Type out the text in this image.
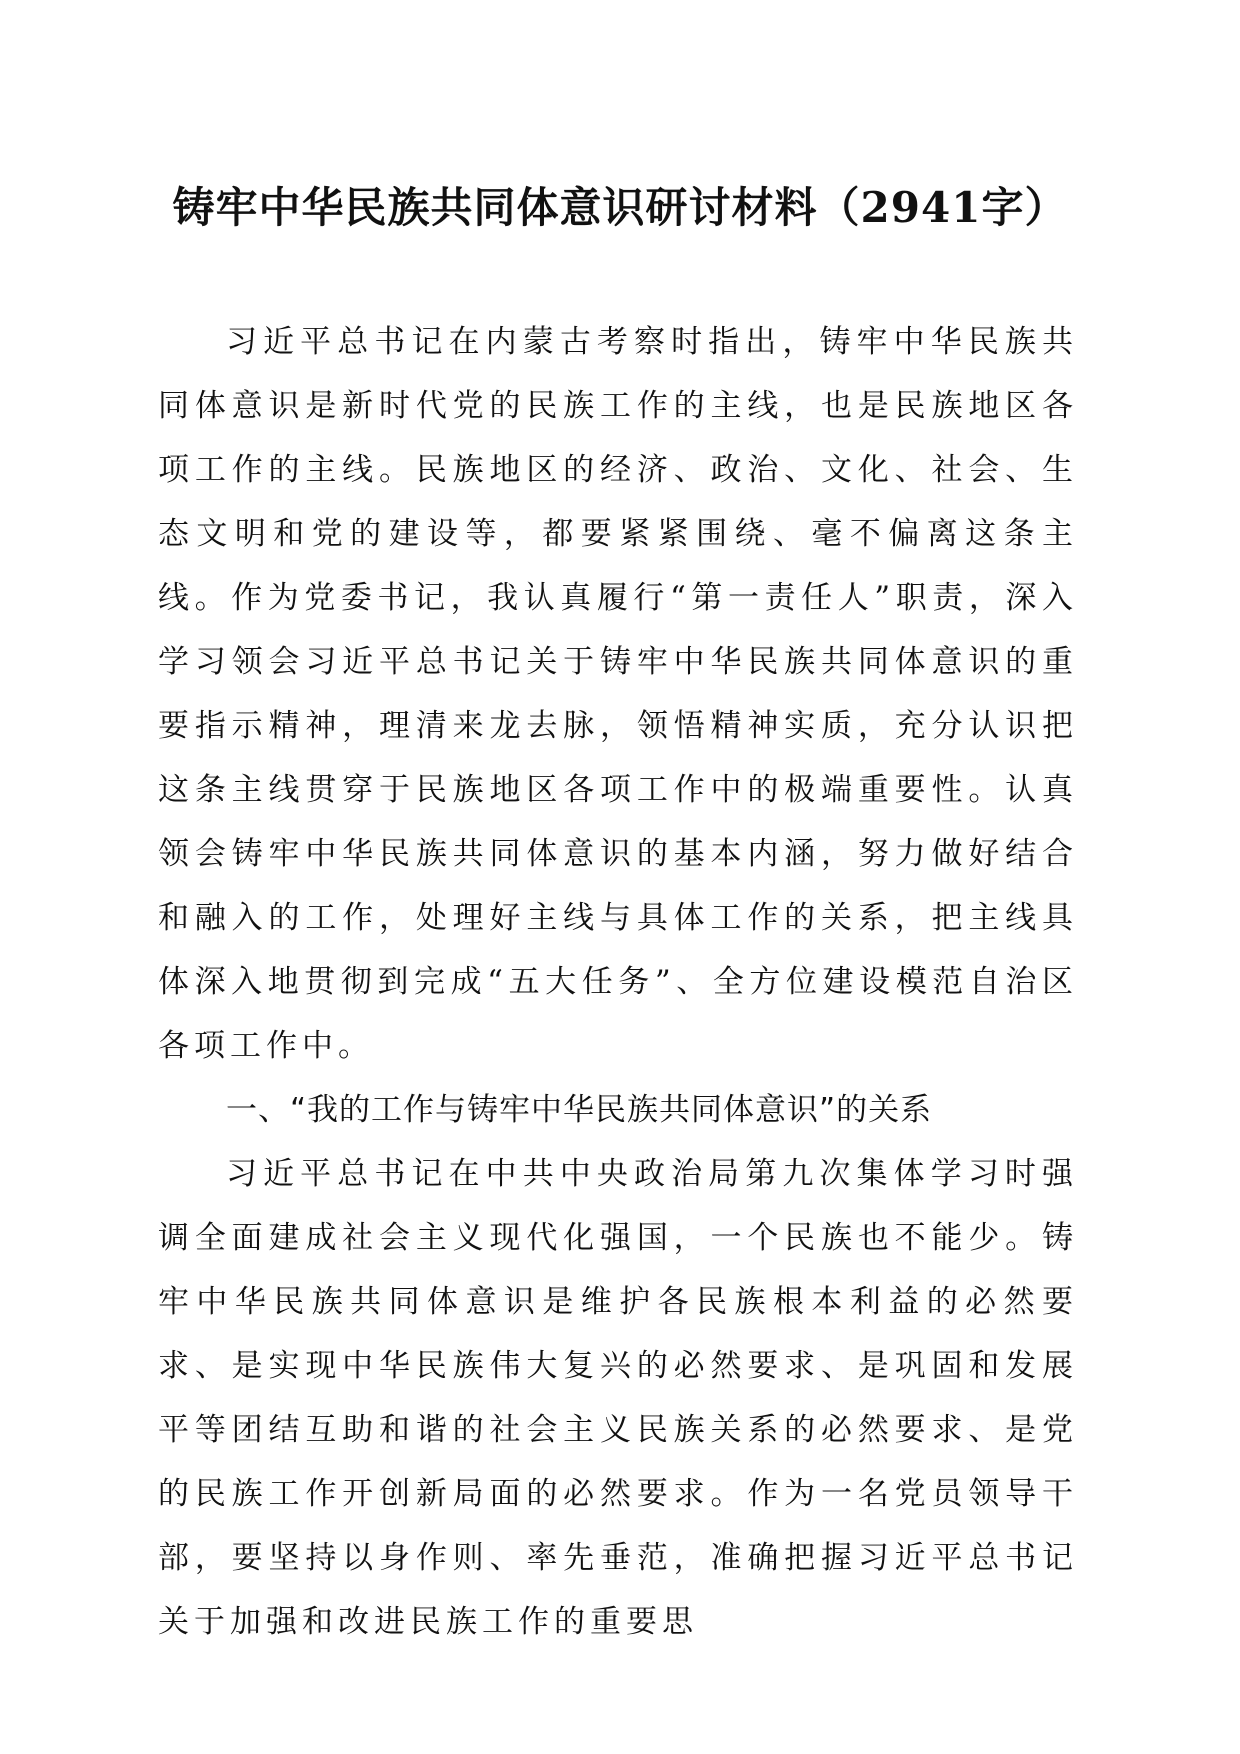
铸牢中华民族共同体意识研讨材料（2941字）

习近平总书记在内蒙古考察时指出，铸牢中华民族共同体意识是新时代党的民族工作的主线，也是民族地区各项工作的主线。民族地区的经济、政治、文化、社会、生态文明和党的建设等，都要紧紧围绕、毫不偏离这条主线。作为党委书记，我认真履行“第一责任人”职责，深入学习领会习近平总书记关于铸牢中华民族共同体意识的重要指示精神，理清来龙去脉，领悟精神实质，充分认识把这条主线贯穿于民族地区各项工作中的极端重要性。认真领会铸牢中华民族共同体意识的基本内涵，努力做好结合和融入的工作，处理好主线与具体工作的关系，把主线具体深入地贯彻到完成“五大任务”、全方位建设模范自治区各项工作中。

一、“我的工作与铸牢中华民族共同体意识”的关系

习近平总书记在中共中央政治局第九次集体学习时强调全面建成社会主义现代化强国，一个民族也不能少。铸牢中华民族共同体意识是维护各民族根本利益的必然要求、是实现中华民族伟大复兴的必然要求、是巩固和发展平等团结互助和谐的社会主义民族关系的必然要求、是党的民族工作开创新局面的必然要求。作为一名党员领导干部，要坚持以身作则、率先垂范，准确把握习近平总书记关于加强和改进民族工作的重要思
